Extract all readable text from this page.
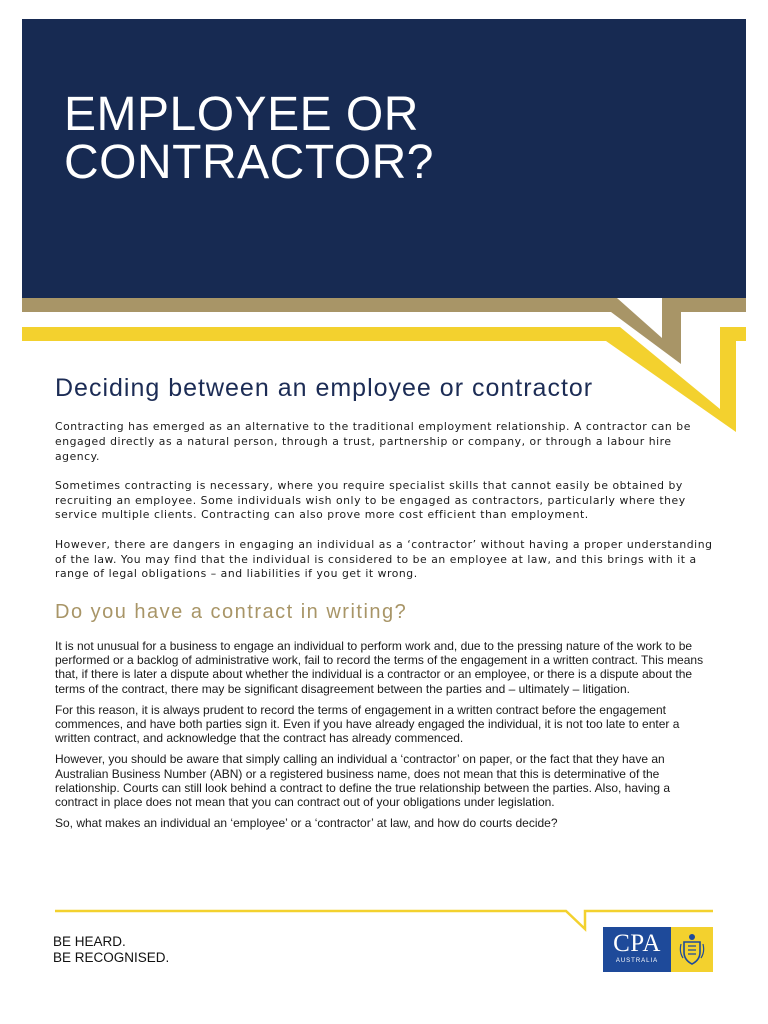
EMPLOYEE OR
CONTRACTOR?
Deciding between an employee or contractor

Contracting has emerged as an alternative to the traditional employment relationship. A contractor can be engaged directly as a natural person, through a trust, partnership or company, or through a labour hire agency.

Sometimes contracting is necessary, where you require specialist skills that cannot easily be obtained by recruiting an employee. Some individuals wish only to be engaged as contractors, particularly where they service multiple clients. Contracting can also prove more cost efficient than employment.

However, there are dangers in engaging an individual as a ‘contractor’ without having a proper understanding of the law. You may find that the individual is considered to be an employee at law, and this brings with it a range of legal obligations – and liabilities if you get it wrong.

Do you have a contract in writing?

It is not unusual for a business to engage an individual to perform work and, due to the pressing nature of the work to be performed or a backlog of administrative work, fail to record the terms of the engagement in a written contract. This means that, if there is later a dispute about whether the individual is a contractor or an employee, or there is a dispute about the terms of the contract, there may be significant disagreement between the parties and – ultimately – litigation.

For this reason, it is always prudent to record the terms of engagement in a written contract before the engagement commences, and have both parties sign it. Even if you have already engaged the individual, it is not too late to enter a written contract, and acknowledge that the contract has already commenced.

However, you should be aware that simply calling an individual a ‘contractor’ on paper, or the fact that they have an Australian Business Number (ABN) or a registered business name, does not mean that this is determinative of the relationship. Courts can still look behind a contract to define the true relationship between the parties. Also, having a contract in place does not mean that you can contract out of your obligations under legislation.

So, what makes an individual an ‘employee’ or a ‘contractor’ at law, and how do courts decide?

BE HEARD.
BE RECOGNISED.
CPA
AUSTRALIA
